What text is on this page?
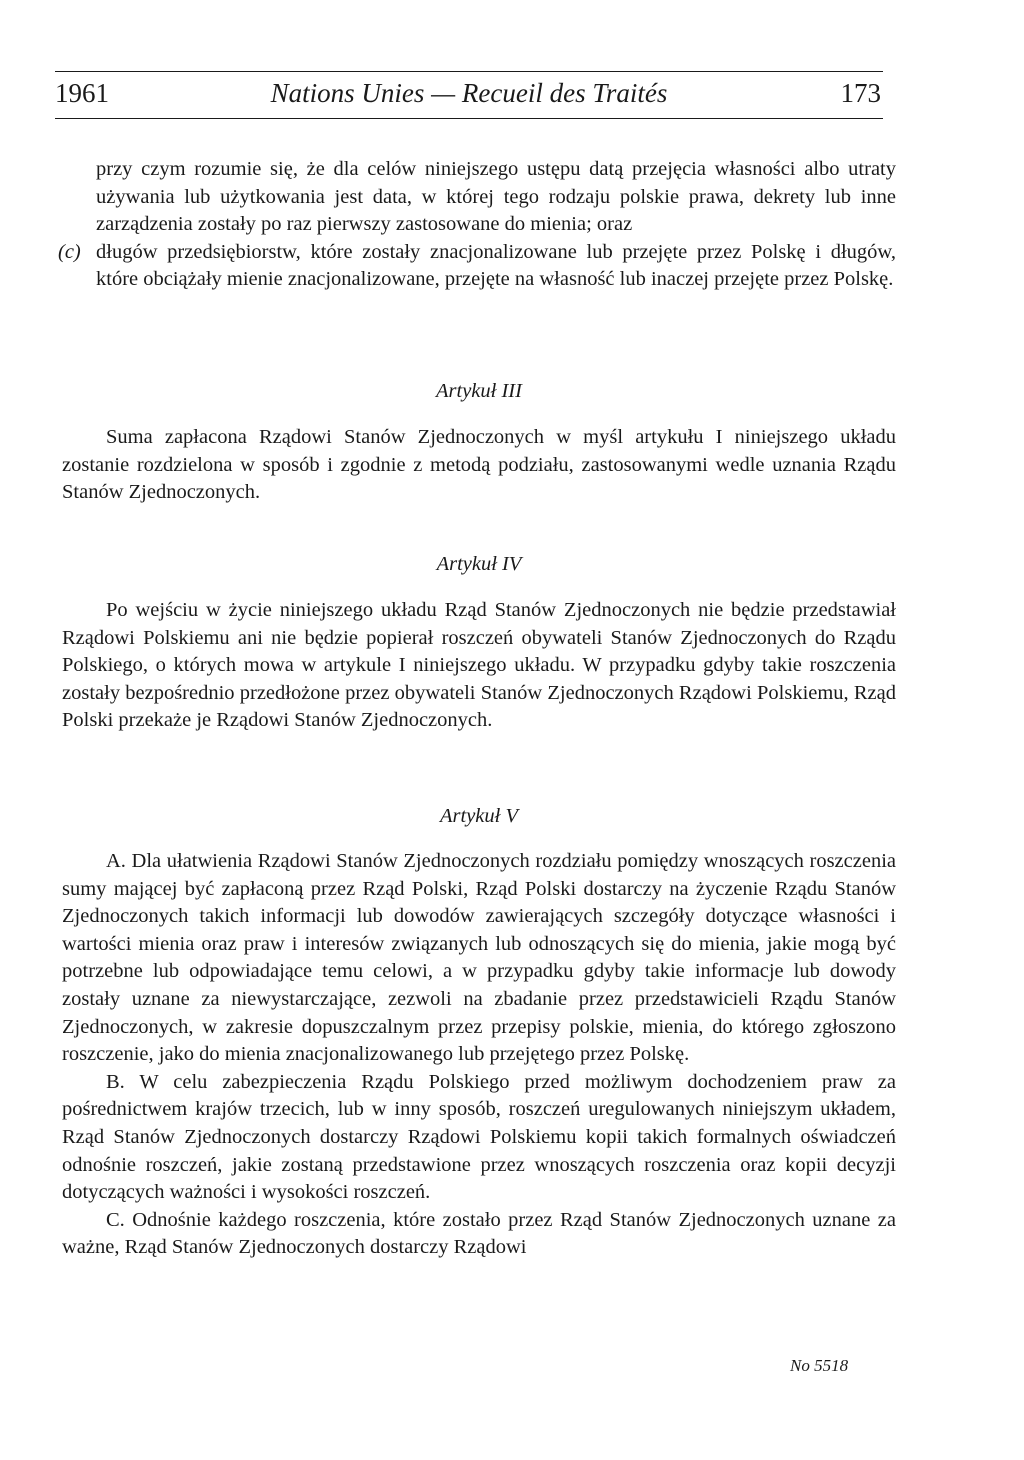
1961	Nations Unies — Recueil des Traités	173

przy czym rozumie się, że dla celów niniejszego ustępu datą przejęcia własności albo utraty używania lub użytkowania jest data, w której tego rodzaju polskie prawa, dekrety lub inne zarządzenia zostały po raz pierwszy zastosowane do mienia; oraz

(c) długów przedsiębiorstw, które zostały znacjonalizowane lub przejęte przez Polskę i długów, które obciążały mienie znacjonalizowane, przejęte na własność lub inaczej przejęte przez Polskę.

Artykuł III

Suma zapłacona Rządowi Stanów Zjednoczonych w myśl artykułu I niniejszego układu zostanie rozdzielona w sposób i zgodnie z metodą podziału, zastosowanymi wedle uznania Rządu Stanów Zjednoczonych.

Artykuł IV

Po wejściu w życie niniejszego układu Rząd Stanów Zjednoczonych nie będzie przedstawiał Rządowi Polskiemu ani nie będzie popierał roszczeń obywateli Stanów Zjednoczonych do Rządu Polskiego, o których mowa w artykule I niniejszego układu. W przypadku gdyby takie roszczenia zostały bezpośrednio przedłożone przez obywateli Stanów Zjednoczonych Rządowi Polskiemu, Rząd Polski przekaże je Rządowi Stanów Zjednoczonych.

Artykuł V

A. Dla ułatwienia Rządowi Stanów Zjednoczonych rozdziału pomiędzy wnoszących roszczenia sumy mającej być zapłaconą przez Rząd Polski, Rząd Polski dostarczy na życzenie Rządu Stanów Zjednoczonych takich informacji lub dowodów zawierających szczegóły dotyczące własności i wartości mienia oraz praw i interesów związanych lub odnoszących się do mienia, jakie mogą być potrzebne lub odpowiadające temu celowi, a w przypadku gdyby takie informacje lub dowody zostały uznane za niewystarczające, zezwoli na zbadanie przez przedstawicieli Rządu Stanów Zjednoczonych, w zakresie dopuszczalnym przez przepisy polskie, mienia, do którego zgłoszono roszczenie, jako do mienia znacjonalizowanego lub przejętego przez Polskę.

B. W celu zabezpieczenia Rządu Polskiego przed możliwym dochodzeniem praw za pośrednictwem krajów trzecich, lub w inny sposób, roszczeń uregulowanych niniejszym układem, Rząd Stanów Zjednoczonych dostarczy Rządowi Polskiemu kopii takich formalnych oświadczeń odnośnie roszczeń, jakie zostaną przedstawione przez wnoszących roszczenia oraz kopii decyzji dotyczących ważności i wysokości roszczeń.

C. Odnośnie każdego roszczenia, które zostało przez Rząd Stanów Zjednoczonych uznane za ważne, Rząd Stanów Zjednoczonych dostarczy Rządowi

No 5518
